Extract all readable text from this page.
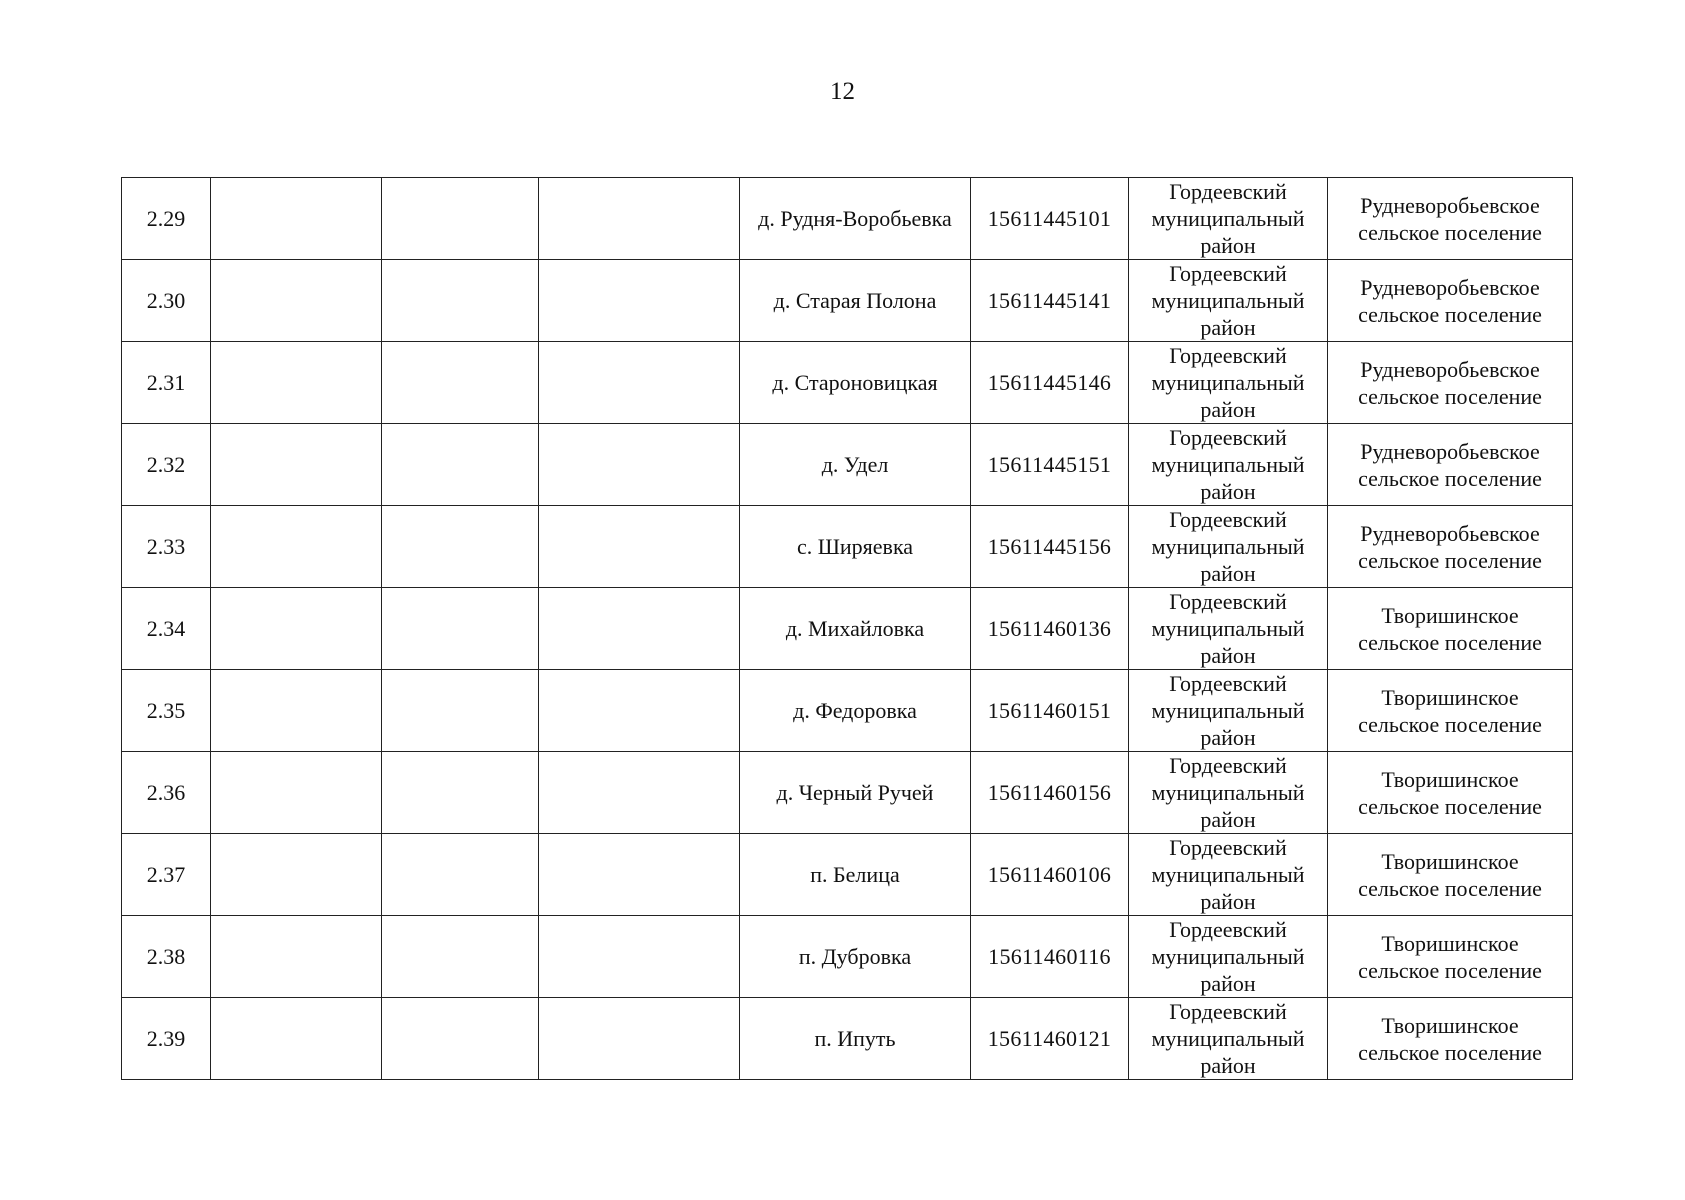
12
2.29				д. Рудня-Воробьевка	15611445101	Гордеевский
муниципальный
район	Рудневоробьевское
сельское поселение

2.30				д. Старая Полона	15611445141	Гордеевский
муниципальный
район	Рудневоробьевское
сельское поселение

2.31				д. Староновицкая	15611445146	Гордеевский
муниципальный
район	Рудневоробьевское
сельское поселение

2.32				д. Удел	15611445151	Гордеевский
муниципальный
район	Рудневоробьевское
сельское поселение

2.33				с. Ширяевка	15611445156	Гордеевский
муниципальный
район	Рудневоробьевское
сельское поселение

2.34				д. Михайловка	15611460136	Гордеевский
муниципальный
район	Творишинское
сельское поселение

2.35				д. Федоровка	15611460151	Гордеевский
муниципальный
район	Творишинское
сельское поселение

2.36				д. Черный Ручей	15611460156	Гордеевский
муниципальный
район	Творишинское
сельское поселение

2.37				п. Белица	15611460106	Гордеевский
муниципальный
район	Творишинское
сельское поселение

2.38				п. Дубровка	15611460116	Гордеевский
муниципальный
район	Творишинское
сельское поселение

2.39				п. Ипуть	15611460121	Гордеевский
муниципальный
район	Творишинское
сельское поселение
